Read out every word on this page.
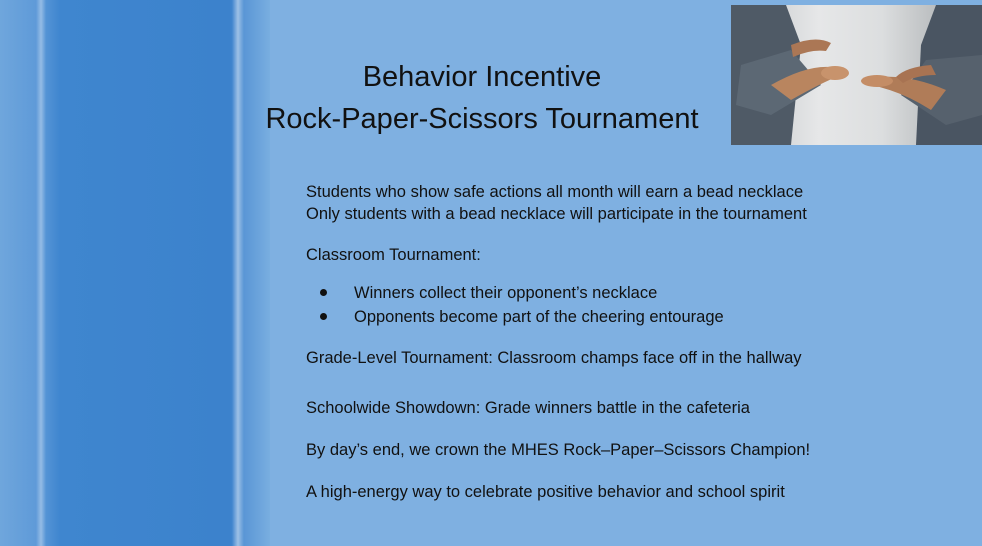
Behavior Incentive
Rock-Paper-Scissors Tournament
Students who show safe actions all month will earn a bead necklace
Only students with a bead necklace will participate in the tournament
Classroom Tournament:
Winners collect their opponent’s necklace
Opponents become part of the cheering entourage
Grade-Level Tournament: Classroom champs face off in the hallway
Schoolwide Showdown: Grade winners battle in the cafeteria
By day’s end, we crown the MHES Rock–Paper–Scissors Champion!
A high-energy way to celebrate positive behavior and school spirit
